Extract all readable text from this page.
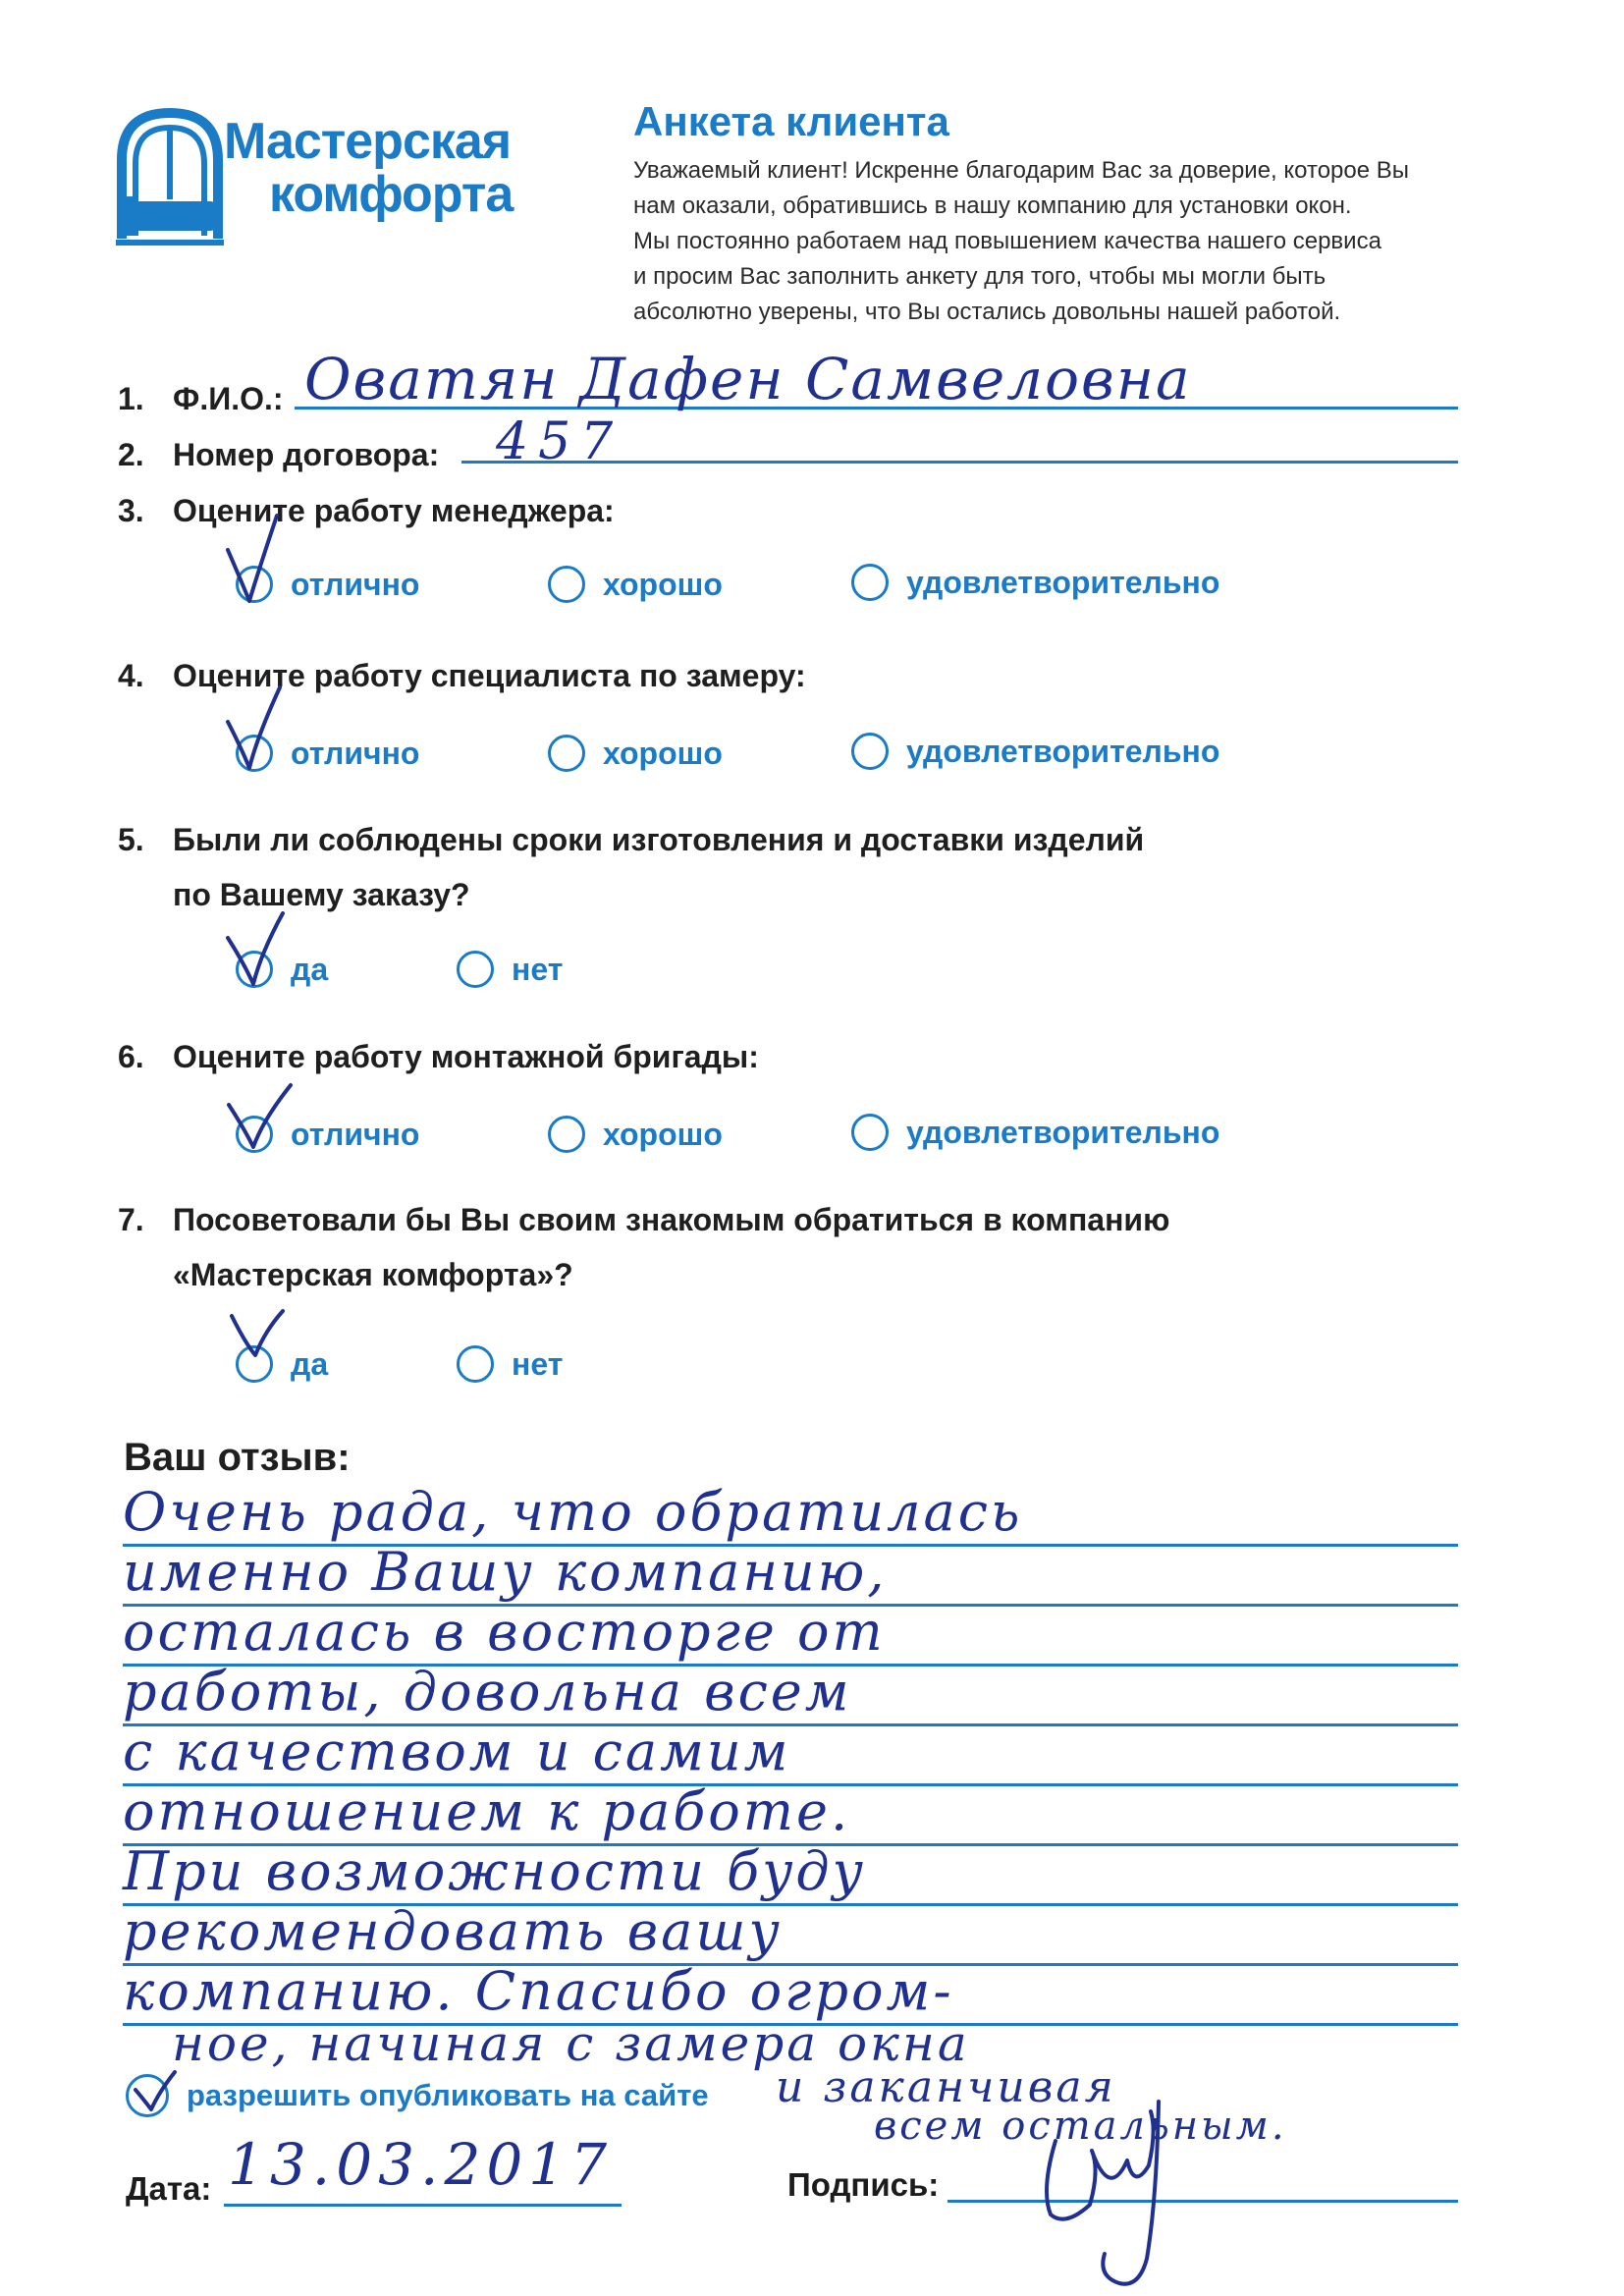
Мастерская
комфорта
Анкета клиента
Уважаемый клиент! Искренне благодарим Вас за доверие, которое Вы
нам оказали, обратившись в нашу компанию для установки окон.
Мы постоянно работаем над повышением качества нашего сервиса
и просим Вас заполнить анкету для того, чтобы мы могли быть
абсолютно уверены, что Вы остались довольны нашей работой.
1. Ф.И.О.: Оватян Дафен Самвеловна
2. Номер договора: 457
3. Оцените работу менеджера:
отлично	хорошо	удовлетворительно
4. Оцените работу специалиста по замеру:
отлично	хорошо	удовлетворительно
5. Были ли соблюдены сроки изготовления и доставки изделий
по Вашему заказу?
да	нет
6. Оцените работу монтажной бригады:
отлично	хорошо	удовлетворительно
7. Посоветовали бы Вы своим знакомым обратиться в компанию
«Мастерская комфорта»?
да	нет
Ваш отзыв:
Очень рада, что обратилась
именно Вашу компанию,
осталась в восторге от
работы, довольна всем
с качеством и самим
отношением к работе.
При возможности буду
рекомендовать вашу
компанию. Спасибо огром-
ное, начиная с замера окна
и заканчивая
всем остальным.
разрешить опубликовать на сайте
Дата: 13.03.2017	Подпись:
